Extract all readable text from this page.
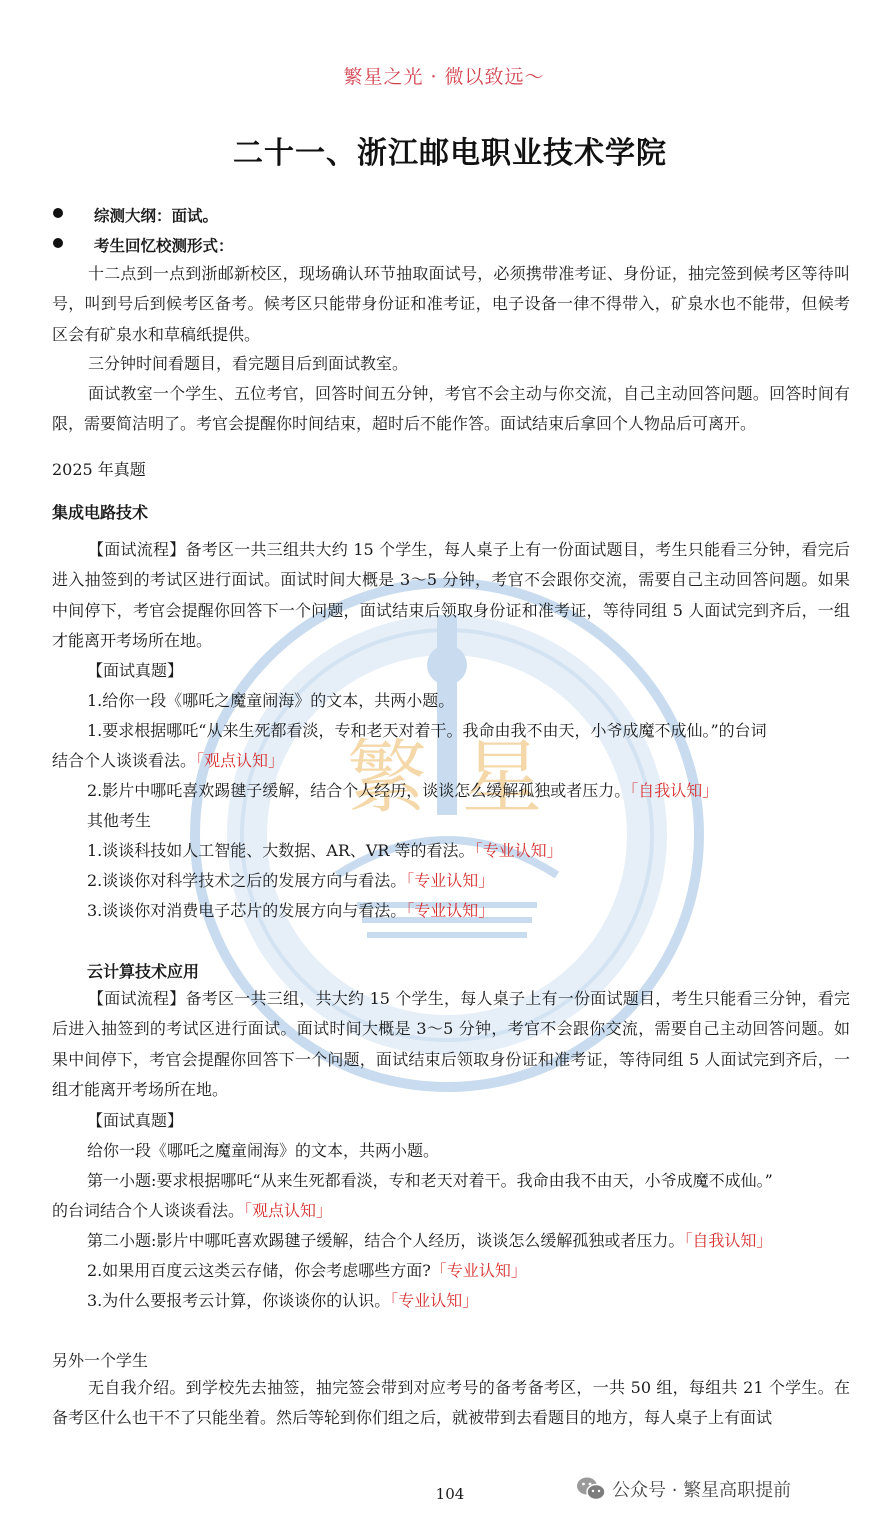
繁 星
繁星之光 · 微以致远～
二十一、浙江邮电职业技术学院
综测大纲：面试。
考生回忆校测形式：
十二点到一点到浙邮新校区，现场确认环节抽取面试号，必须携带准考证、身份证，抽完签到候考区等待叫号，叫到号后到候考区备考。候考区只能带身份证和准考证，电子设备一律不得带入，矿泉水也不能带，但候考区会有矿泉水和草稿纸提供。
三分钟时间看题目，看完题目后到面试教室。
面试教室一个学生、五位考官，回答时间五分钟，考官不会主动与你交流，自己主动回答问题。回答时间有限，需要简洁明了。考官会提醒你时间结束，超时后不能作答。面试结束后拿回个人物品后可离开。
2025 年真题
集成电路技术
【面试流程】备考区一共三组共大约 15 个学生，每人桌子上有一份面试题目，考生只能看三分钟，看完后进入抽签到的考试区进行面试。面试时间大概是 3～5 分钟，考官不会跟你交流，需要自己主动回答问题。如果中间停下，考官会提醒你回答下一个问题，面试结束后领取身份证和准考证，等待同组 5 人面试完到齐后，一组才能离开考场所在地。
【面试真题】
1.给你一段《哪吒之魔童闹海》的文本，共两小题。
1.要求根据哪吒“从来生死都看淡，专和老天对着干。我命由我不由天，小爷成魔不成仙。”的台词
结合个人谈谈看法。「观点认知」
2.影片中哪吒喜欢踢毽子缓解，结合个人经历，谈谈怎么缓解孤独或者压力。「自我认知」
其他考生
1.谈谈科技如人工智能、大数据、AR、VR 等的看法。「专业认知」
2.谈谈你对科学技术之后的发展方向与看法。「专业认知」
3.谈谈你对消费电子芯片的发展方向与看法。「专业认知」
云计算技术应用
【面试流程】备考区一共三组，共大约 15 个学生，每人桌子上有一份面试题目，考生只能看三分钟，看完后进入抽签到的考试区进行面试。面试时间大概是 3～5 分钟，考官不会跟你交流，需要自己主动回答问题。如果中间停下，考官会提醒你回答下一个问题，面试结束后领取身份证和准考证，等待同组 5 人面试完到齐后，一组才能离开考场所在地。
【面试真题】
给你一段《哪吒之魔童闹海》的文本，共两小题。
第一小题:要求根据哪吒“从来生死都看淡，专和老天对着干。我命由我不由天，小爷成魔不成仙。”
的台词结合个人谈谈看法。「观点认知」
第二小题:影片中哪吒喜欢踢毽子缓解，结合个人经历，谈谈怎么缓解孤独或者压力。「自我认知」
2.如果用百度云这类云存储，你会考虑哪些方面?「专业认知」
3.为什么要报考云计算，你谈谈你的认识。「专业认知」
另外一个学生
无自我介绍。到学校先去抽签，抽完签会带到对应考号的备考备考区，一共 50 组，每组共 21 个学生。在备考区什么也干不了只能坐着。然后等轮到你们组之后，就被带到去看题目的地方，每人桌子上有面试
104	公众号 · 繁星高职提前
